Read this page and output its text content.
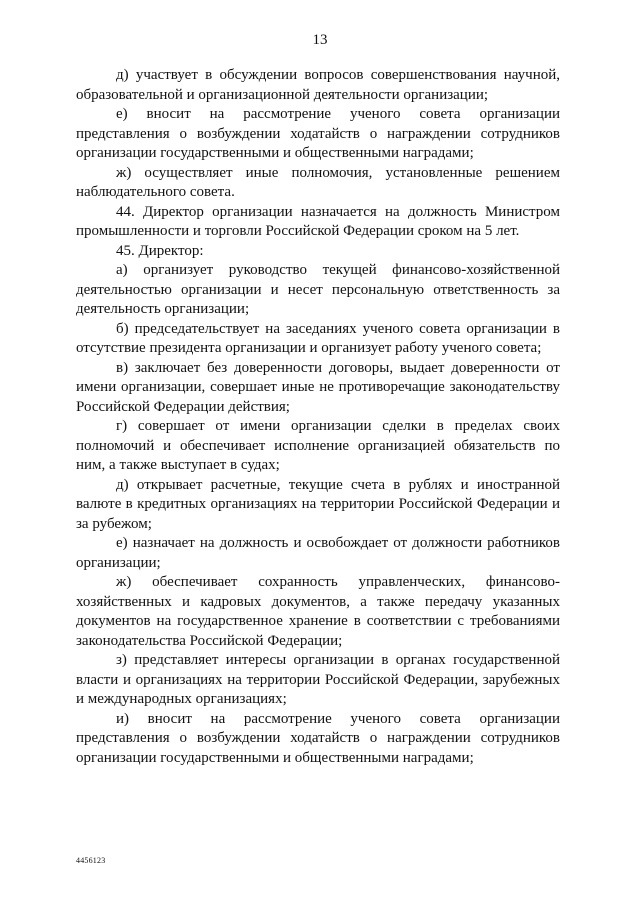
13

д) участвует в обсуждении вопросов совершенствования научной, образовательной и организационной деятельности организации;

е) вносит на рассмотрение ученого совета организации представления о возбуждении ходатайств о награждении сотрудников организации государственными и общественными наградами;

ж) осуществляет иные полномочия, установленные решением наблюдательного совета.

44. Директор организации назначается на должность Министром промышленности и торговли Российской Федерации сроком на 5 лет.

45. Директор:

а) организует руководство текущей финансово-хозяйственной деятельностью организации и несет персональную ответственность за деятельность организации;

б) председательствует на заседаниях ученого совета организации в отсутствие президента организации и организует работу ученого совета;

в) заключает без доверенности договоры, выдает доверенности от имени организации, совершает иные не противоречащие законодательству Российской Федерации действия;

г) совершает от имени организации сделки в пределах своих полномочий и обеспечивает исполнение организацией обязательств по ним, а также выступает в судах;

д) открывает расчетные, текущие счета в рублях и иностранной валюте в кредитных организациях на территории Российской Федерации и за рубежом;

е) назначает на должность и освобождает от должности работников организации;

ж) обеспечивает сохранность управленческих, финансово-хозяйственных и кадровых документов, а также передачу указанных документов на государственное хранение в соответствии с требованиями законодательства Российской Федерации;

з) представляет интересы организации в органах государственной власти и организациях на территории Российской Федерации, зарубежных и международных организациях;

и) вносит на рассмотрение ученого совета организации представления о возбуждении ходатайств о награждении сотрудников организации государственными и общественными наградами;

4456123
